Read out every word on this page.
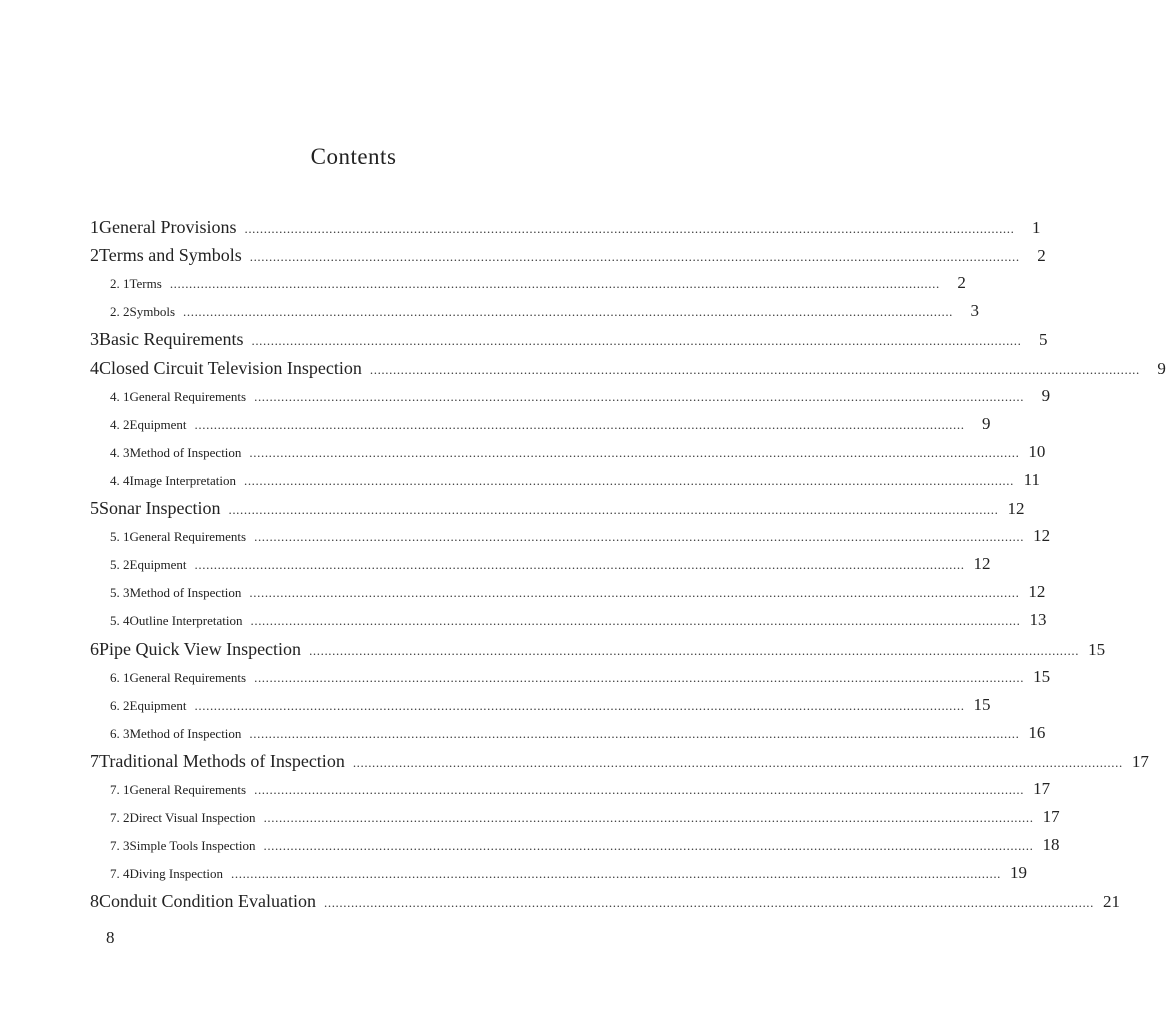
Contents
1 General Provisions ........................................................................................................................................................................................................	1
2 Terms and Symbols ........................................................................................................................................................................................................	2
2. 1 Terms ........................................................................................................................................................................................................	2
2. 2 Symbols ........................................................................................................................................................................................................	3
3 Basic Requirements ........................................................................................................................................................................................................	5
4 Closed Circuit Television Inspection ........................................................................................................................................................................................................	9
4. 1 General Requirements ........................................................................................................................................................................................................	9
4. 2 Equipment ........................................................................................................................................................................................................	9
4. 3 Method of Inspection ........................................................................................................................................................................................................ 10
4. 4 Image Interpretation ........................................................................................................................................................................................................ 11
5 Sonar Inspection ........................................................................................................................................................................................................ 12
5. 1 General Requirements ........................................................................................................................................................................................................ 12
5. 2 Equipment ........................................................................................................................................................................................................ 12
5. 3 Method of Inspection ........................................................................................................................................................................................................ 12
5. 4 Outline Interpretation ........................................................................................................................................................................................................ 13
6 Pipe Quick View Inspection ........................................................................................................................................................................................................ 15
6. 1 General Requirements ........................................................................................................................................................................................................ 15
6. 2 Equipment ........................................................................................................................................................................................................ 15
6. 3 Method of Inspection ........................................................................................................................................................................................................ 16
7 Traditional Methods of Inspection ........................................................................................................................................................................................................ 17
7. 1 General Requirements ........................................................................................................................................................................................................ 17
7. 2 Direct Visual Inspection ........................................................................................................................................................................................................ 17
7. 3 Simple Tools Inspection ........................................................................................................................................................................................................ 18
7. 4 Diving Inspection ........................................................................................................................................................................................................ 19
8 Conduit Condition Evaluation ........................................................................................................................................................................................................ 21
8
